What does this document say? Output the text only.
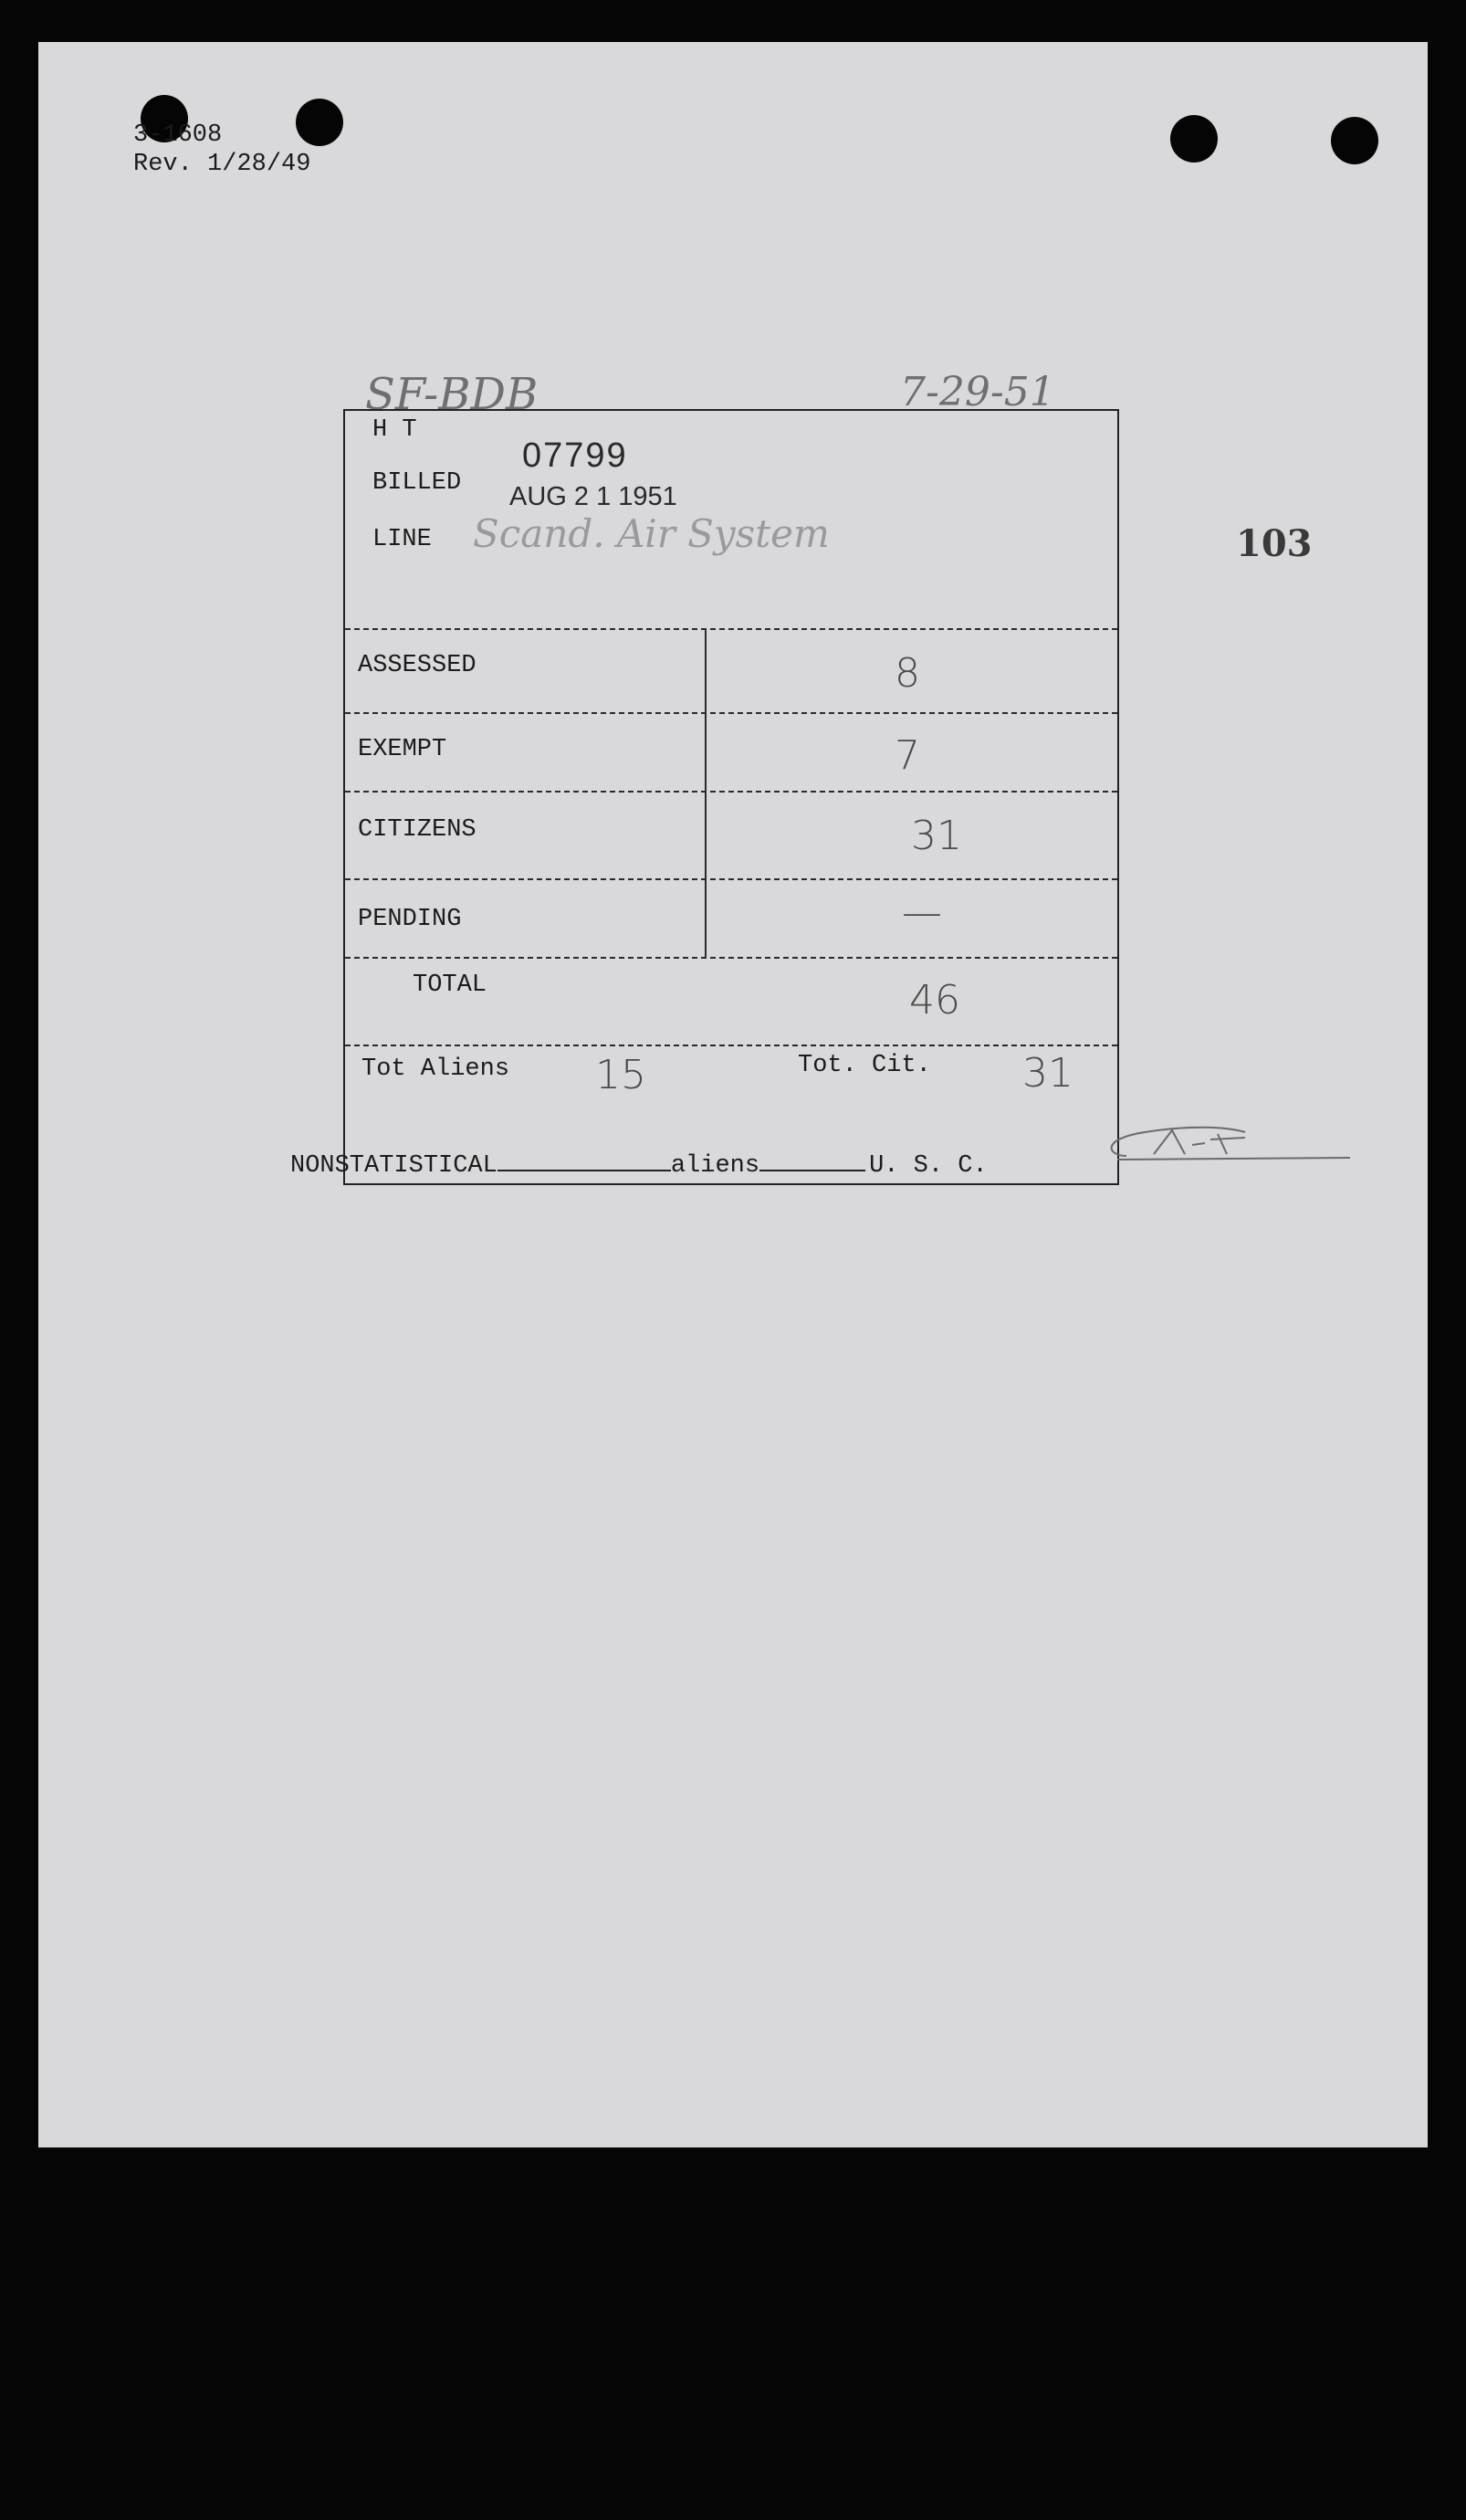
3-1608
Rev. 1/28/49
SF-BDB	7-29-51
103
H T
BILLED
LINE
07799
AUG 2 1 1951
Scand. Air System
ASSESSED	8
EXEMPT	7
CITIZENS	31
PENDING	—
TOTAL	46
Tot Aliens 15	Tot. Cit. 31
NONSTATISTICAL	aliens	U. S. C.
